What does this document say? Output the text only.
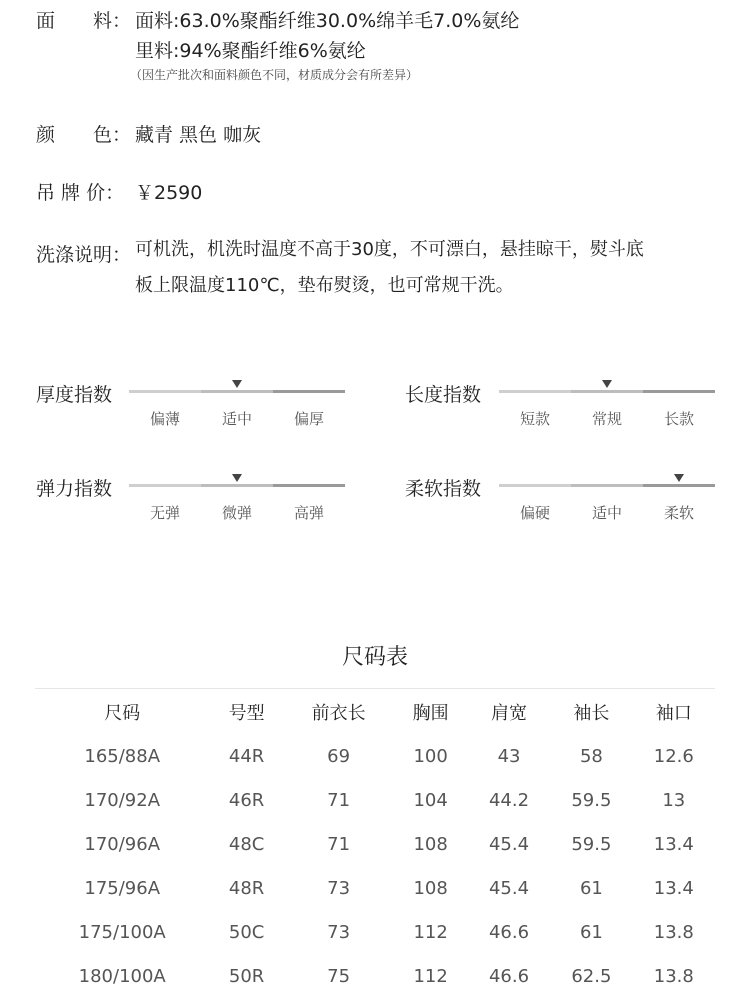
面　　料： 面料:63.0%聚酯纤维30.0%绵羊毛7.0%氨纶
里料:94%聚酯纤维6%氨纶
（因生产批次和面料颜色不同，材质成分会有所差异）
颜　　色： 藏青 黑色 咖灰
吊 牌 价： ￥2590
洗涤说明： 可机洗，机洗时温度不高于30度，不可漂白，悬挂晾干，熨斗底
板上限温度110℃，垫布熨烫，也可常规干洗。
厚度指数
偏薄	适中	偏厚
长度指数
短款	常规	长款
弹力指数
无弹	微弹	高弹
柔软指数
偏硬	适中	柔软
尺码表
尺码	号型	前衣长	胸围	肩宽	袖长	袖口
165/88A	44R	69	100	43	58	12.6
170/92A	46R	71	104	44.2	59.5	13
170/96A	48C	71	108	45.4	59.5	13.4
175/96A	48R	73	108	45.4	61	13.4
175/100A	50C	73	112	46.6	61	13.8
180/100A	50R	75	112	46.6	62.5	13.8
